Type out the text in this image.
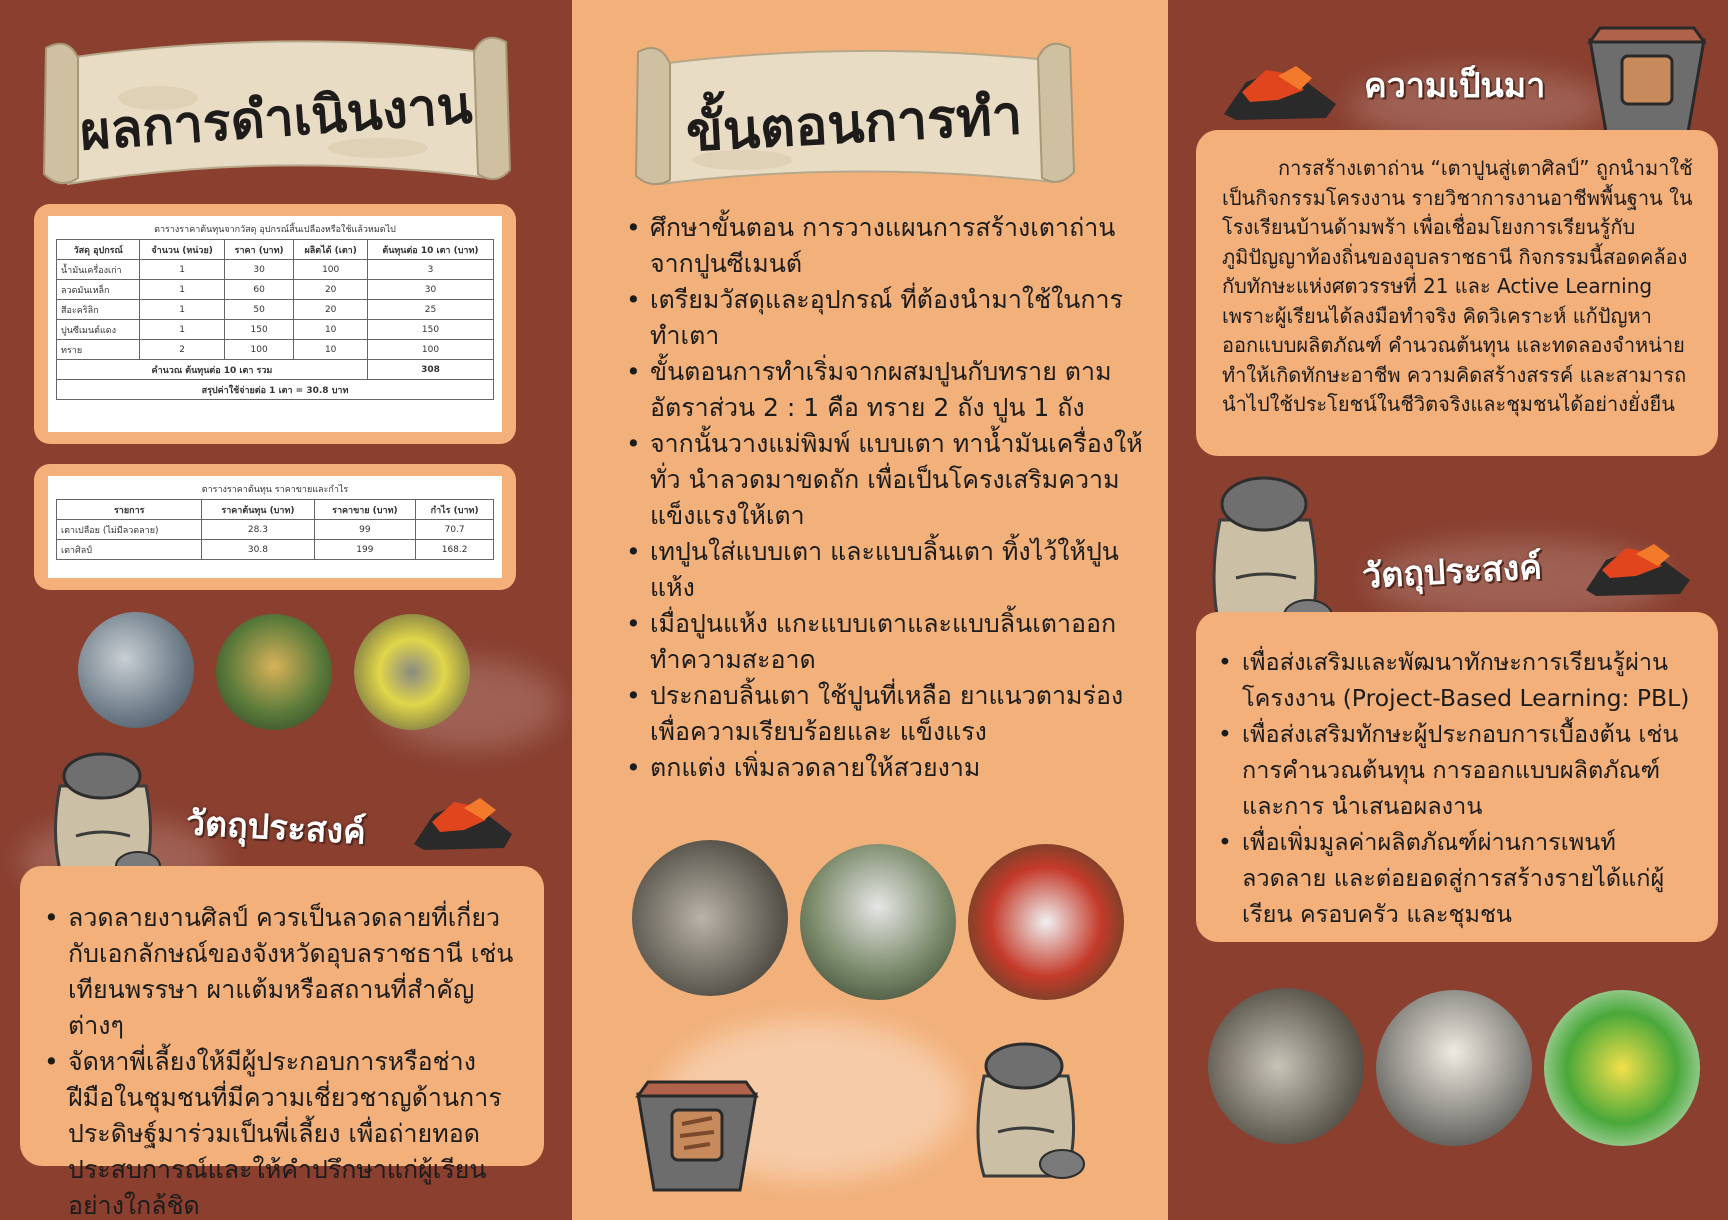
ผลการดำเนินงาน
ตารางราคาต้นทุนจากวัสดุ อุปกรณ์สิ้นเปลืองหรือใช้แล้วหมดไป
วัสดุ อุปกรณ์	จำนวน (หน่วย)	ราคา (บาท)	ผลิตได้ (เตา)	ต้นทุนต่อ 10 เตา (บาท)
น้ำมันเครื่องเก่า	1	30	100	3
ลวดมันเหล็ก	1	60	20	30
สีอะคริลิก	1	50	20	25
ปูนซีเมนต์แดง	1	150	10	150
ทราย	2	100	10	100
คำนวณ ต้นทุนต่อ 10 เตา รวม				308
สรุปค่าใช้จ่ายต่อ 1 เตา = 30.8 บาท				
ตารางราคาต้นทุน ราคาขายและกำไร
รายการ	ราคาต้นทุน (บาท)	ราคาขาย (บาท)	กำไร (บาท)
เตาเปลือย (ไม่มีลวดลาย)	28.3	99	70.7
เตาศิลป์	30.8	199	168.2
วัตถุประสงค์
• ลวดลายงานศิลป์ ควรเป็นลวดลายที่เกี่ยวกับเอกลักษณ์ของจังหวัดอุบลราชธานี เช่น เทียนพรรษา ผาแต้มหรือสถานที่สำคัญต่างๆ
• จัดหาพี่เลี้ยงให้มีผู้ประกอบการหรือช่างฝีมือในชุมชนที่มีความเชี่ยวชาญด้านการประดิษฐ์มาร่วมเป็นพี่เลี้ยง เพื่อถ่ายทอดประสบการณ์และให้คำปรึกษาแก่ผู้เรียนอย่างใกล้ชิด
ขั้นตอนการทำ
• ศึกษาขั้นตอน การวางแผนการสร้างเตาถ่านจากปูนซีเมนต์
• เตรียมวัสดุและอุปกรณ์ ที่ต้องนำมาใช้ในการทำเตา
• ขั้นตอนการทำเริ่มจากผสมปูนกับทราย ตามอัตราส่วน 2 : 1 คือ ทราย 2 ถัง ปูน 1 ถัง
• จากนั้นวางแม่พิมพ์ แบบเตา ทาน้ำมันเครื่องให้ทั่ว นำลวดมาขดถัก เพื่อเป็นโครงเสริมความแข็งแรงให้เตา
• เทปูนใส่แบบเตา และแบบลิ้นเตา ทิ้งไว้ให้ปูนแห้ง
• เมื่อปูนแห้ง แกะแบบเตาและแบบลิ้นเตาออก ทำความสะอาด
• ประกอบลิ้นเตา ใช้ปูนที่เหลือ ยาแนวตามร่องเพื่อความเรียบร้อยและ แข็งแรง
• ตกแต่ง เพิ่มลวดลายให้สวยงาม
ความเป็นมา

การสร้างเตาถ่าน “เตาปูนสู่เตาศิลป์” ถูกนำมาใช้เป็นกิจกรรมโครงงาน รายวิชาการงานอาชีพพื้นฐาน ในโรงเรียนบ้านด้ามพร้า เพื่อเชื่อมโยงการเรียนรู้กับภูมิปัญญาท้องถิ่นของอุบลราชธานี กิจกรรมนี้สอดคล้องกับทักษะแห่งศตวรรษที่ 21 และ Active Learning เพราะผู้เรียนได้ลงมือทำจริง คิดวิเคราะห์ แก้ปัญหา ออกแบบผลิตภัณฑ์ คำนวณต้นทุน และทดลองจำหน่าย ทำให้เกิดทักษะอาชีพ ความคิดสร้างสรรค์ และสามารถนำไปใช้ประโยชน์ในชีวิตจริงและชุมชนได้อย่างยั่งยืน

วัตถุประสงค์
• เพื่อส่งเสริมและพัฒนาทักษะการเรียนรู้ผ่านโครงงาน (Project-Based Learning: PBL)
• เพื่อส่งเสริมทักษะผู้ประกอบการเบื้องต้น เช่น การคำนวณต้นทุน การออกแบบผลิตภัณฑ์ และการ นำเสนอผลงาน
• เพื่อเพิ่มมูลค่าผลิตภัณฑ์ผ่านการเพนท์ลวดลาย และต่อยอดสู่การสร้างรายได้แก่ผู้เรียน ครอบครัว และชุมชน
